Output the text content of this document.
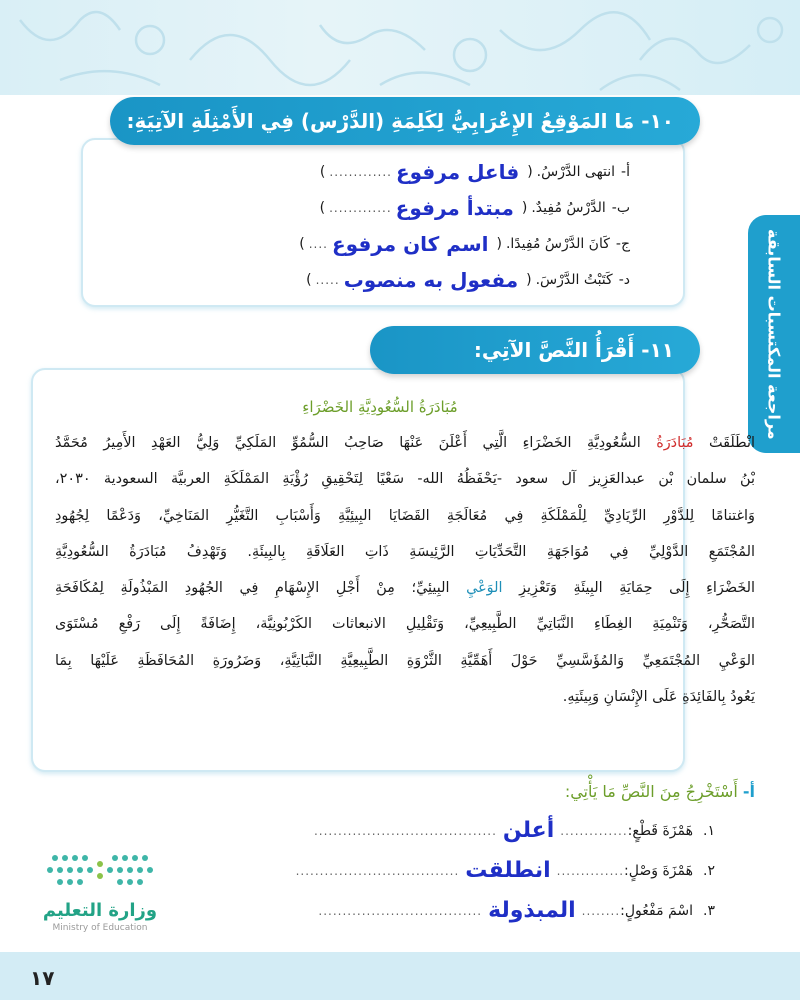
مراجعة المكتسبات السابقة
١٠- مَا المَوْقِعُ الإِعْرَابِيُّ لِكَلِمَةِ (الدَّرْس) فِي الأَمْثِلَةِ الآتِيَةِ:
أ-
انتهى الدَّرْسُ.
(
فاعل مرفوع
.............
)
ب-
الدَّرْسُ مُفِيدٌ.
(
مبتدأ مرفوع
.............
)
ج-
كَانَ الدَّرْسُ مُفِيدًا.
(
اسم كان مرفوع
....
)
د-
كَتَبْتُ الدَّرْسَ.
(
مفعول به منصوب
.....
)
١١- أَقْرَأُ النَّصَّ الآتِي:
مُبَادَرَةُ السُّعُودِيَّةِ الخَضْرَاءِ
انْطَلَقَتْ مُبَادَرَةُ السُّعُودِيَّةِ الخَضْرَاءِ الَّتِي أَعْلَنَ عَنْهَا صَاحِبُ السُّمُوِّ المَلَكِيِّ وَلِيُّ العَهْدِ الأَمِيرُ مُحَمَّدُ
بْنُ سلمان بْن عبدالعَزِيز آل سعود -يَحْفَظُهُ الله- سَعْيًا لِتَحْقِيقِ رُؤْيَةِ المَمْلَكَةِ العربيَّة السعودية ٢٠٣٠،
وَاغتنامًا لِلدَّوْرِ الرِّيَادِيِّ لِلْمَمْلَكَةِ فِي مُعَالَجَةِ القَضَايَا البِيئِيَّةِ وَأَسْبَابِ التَّغَيُّرِ المَنَاخِيِّ، وَدَعْمًا لِجُهُودِ
المُجْتَمَعِ الدَّوْلِيِّ فِي مُوَاجَهَةِ التَّحَدِّيَاتِ الرَّئِيسَةِ ذَاتِ العَلَاقَةِ بِالبِيئَةِ. وَتَهْدِفُ مُبَادَرَةُ السُّعُودِيَّةِ
الخَضْرَاءِ إِلَى حِمَايَةِ البِيئَةِ وَتَعْزِيزِ الوَعْيِ البِيئِيِّ؛ مِنْ أَجْلِ الإِسْهَامِ فِي الجُهُودِ المَبْذُولَةِ لِمُكَافَحَةِ
التَّصَحُّرِ، وَتَنْمِيَةِ الغِطَاءِ النَّبَاتِيِّ الطَّبِيعِيِّ، وَتَقْلِيلِ الانبعاثات الكَرْبُونِيَّة، إِضَافَةً إِلَى رَفْعِ مُسْتَوَى
الوَعْيِ المُجْتَمَعِيِّ وَالمُؤَسَّسِيِّ حَوْلَ أَهَمِّيَّةِ الثَّرْوَةِ الطَّبِيعِيَّةِ النَّبَاتِيَّةِ، وَضَرُورَةِ المُحَافَظَةِ عَلَيْهَا بِمَا
يَعُودُ بِالفَائِدَةِ عَلَى الإِنْسَانِ وَبِيئَتِهِ.
أ- أَسْتَخْرِجُ مِنَ النَّصِّ مَا يَأْتِي:
١.
هَمْزَةَ قَطْعٍ:
..............
أعلن
......................................
٢.
هَمْزَةَ وَصْلٍ:
..............
انطلقت
..................................
٣.
اسْمَ مَفْعُولٍ:
........
المبذولة
..................................
وزارة التعليم
Ministry of Education
١٧
